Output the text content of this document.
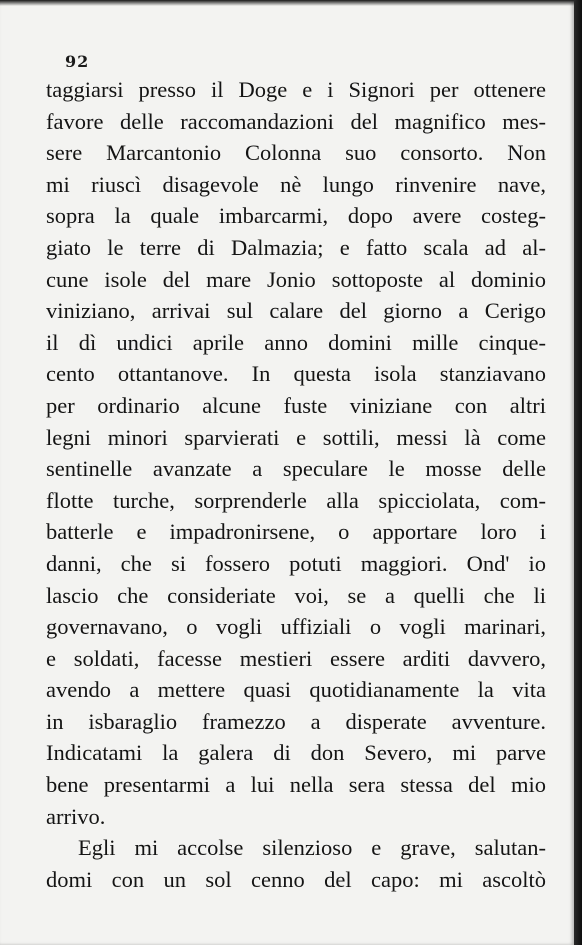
92

taggiarsi presso il Doge e i Signori per ottenere
favore delle raccomandazioni del magnifico mes-
sere Marcantonio Colonna suo consorto. Non
mi riuscì disagevole nè lungo rinvenire nave,
sopra la quale imbarcarmi, dopo avere costeg-
giato le terre di Dalmazia; e fatto scala ad al-
cune isole del mare Jonio sottoposte al dominio
viniziano, arrivai sul calare del giorno a Cerigo
il dì undici aprile anno domini mille cinque-
cento ottantanove. In questa isola stanziavano
per ordinario alcune fuste viniziane con altri
legni minori sparvierati e sottili, messi là come
sentinelle avanzate a speculare le mosse delle
flotte turche, sorprenderle alla spicciolata, com-
batterle e impadronirsene, o apportare loro i
danni, che si fossero potuti maggiori. Ond' io
lascio che consideriate voi, se a quelli che li
governavano, o vogli uffiziali o vogli marinari,
e soldati, facesse mestieri essere arditi davvero,
avendo a mettere quasi quotidianamente la vita
in isbaraglio framezzo a disperate avventure.
Indicatami la galera di don Severo, mi parve
bene presentarmi a lui nella sera stessa del mio
arrivo.
Egli mi accolse silenzioso e grave, salutan-
domi con un sol cenno del capo: mi ascoltò
